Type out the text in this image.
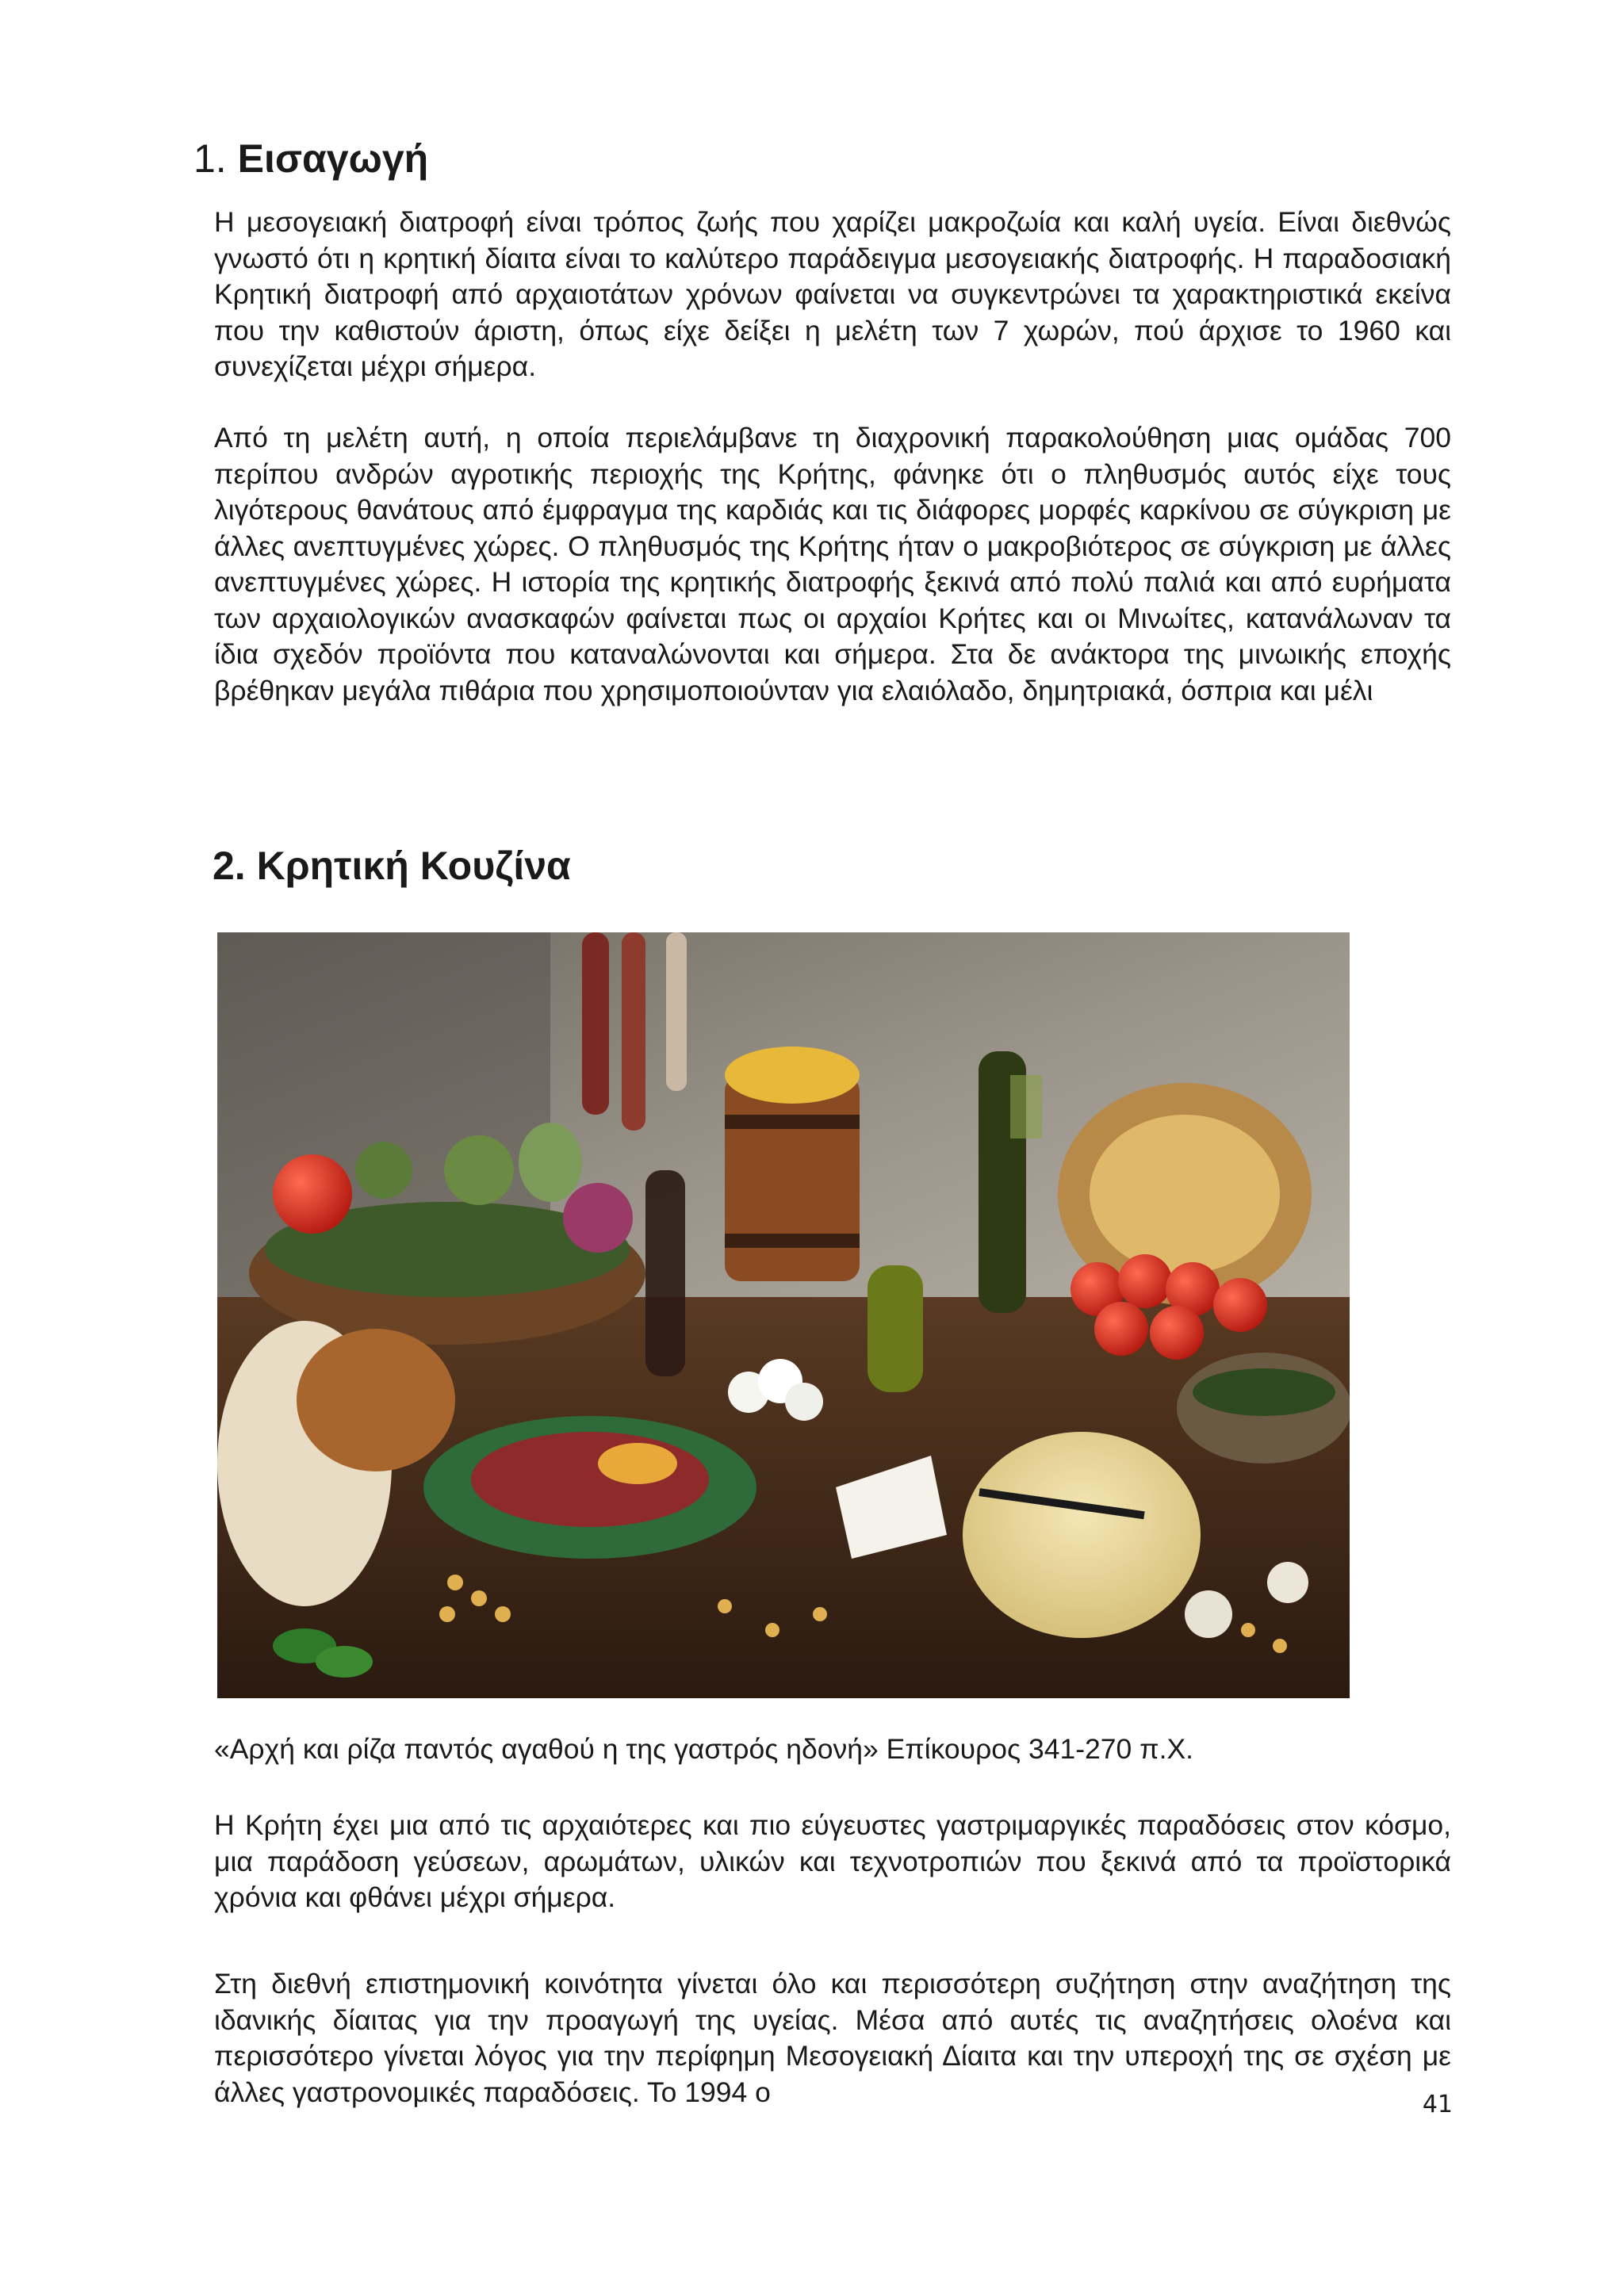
1. Εισαγωγή

Η μεσογειακή διατροφή είναι τρόπος ζωής που χαρίζει μακροζωία και καλή υγεία. Είναι διεθνώς γνωστό ότι η κρητική δίαιτα είναι το καλύτερο παράδειγμα μεσογειακής διατροφής. Η παραδοσιακή Κρητική διατροφή από αρχαιοτάτων χρόνων φαίνεται να συγκεντρώνει τα χαρακτηριστικά εκείνα που την καθιστούν άριστη, όπως είχε δείξει η μελέτη των 7 χωρών, πού άρχισε το 1960 και συνεχίζεται μέχρι σήμερα.

Από τη μελέτη αυτή, η οποία περιελάμβανε τη διαχρονική παρακολούθηση μιας ομάδας 700 περίπου ανδρών αγροτικής περιοχής της Κρήτης, φάνηκε ότι ο πληθυσμός αυτός είχε τους λιγότερους θανάτους από έμφραγμα της καρδιάς και τις διάφορες μορφές καρκίνου σε σύγκριση με άλλες ανεπτυγμένες χώρες. Ο πληθυσμός της Κρήτης ήταν ο μακροβιότερος σε σύγκριση με άλλες ανεπτυγμένες χώρες. Η ιστορία της κρητικής διατροφής ξεκινά από πολύ παλιά και από ευρήματα των αρχαιολογικών ανασκαφών φαίνεται πως οι αρχαίοι Κρήτες και οι Μινωίτες, κατανάλωναν τα ίδια σχεδόν προϊόντα που καταναλώνονται και σήμερα. Στα δε ανάκτορα της μινωικής εποχής βρέθηκαν μεγάλα πιθάρια που χρησιμοποιούνταν για ελαιόλαδο, δημητριακά, όσπρια και μέλι

2. Κρητική Κουζίνα

«Αρχή και ρίζα παντός αγαθού η της γαστρός ηδονή» Επίκουρος 341-270 π.Χ.

Η Κρήτη έχει μια από τις αρχαιότερες και πιο εύγευστες γαστριμαργικές παραδόσεις στον κόσμο, μια παράδοση γεύσεων, αρωμάτων, υλικών και τεχνοτροπιών που ξεκινά από τα προϊστορικά χρόνια και φθάνει μέχρι σήμερα.

Στη διεθνή επιστημονική κοινότητα γίνεται όλο και περισσότερη συζήτηση στην αναζήτηση της ιδανικής δίαιτας για την προαγωγή της υγείας. Μέσα από αυτές τις αναζητήσεις ολοένα και περισσότερο γίνεται λόγος για την περίφημη Μεσογειακή Δίαιτα και την υπεροχή της σε σχέση με άλλες γαστρονομικές παραδόσεις. Το 1994 ο	41
